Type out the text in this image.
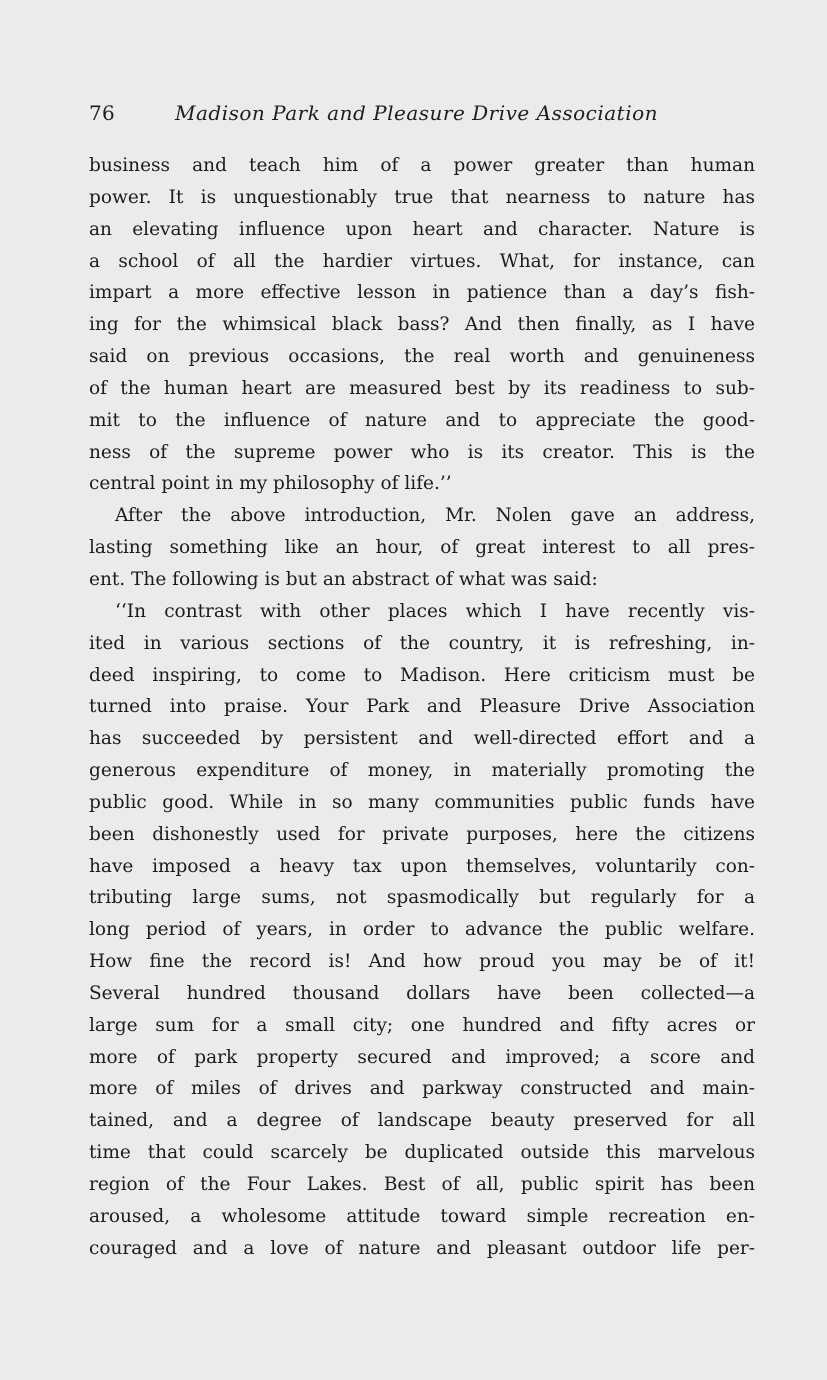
76	Madison Park and Pleasure Drive Association
business and teach him of a power greater than human
power. It is unquestionably true that nearness to nature has
an elevating influence upon heart and character. Nature is
a school of all the hardier virtues. What, for instance, can
impart a more effective lesson in patience than a day’s fish-
ing for the whimsical black bass? And then finally, as I have
said on previous occasions, the real worth and genuineness
of the human heart are measured best by its readiness to sub-
mit to the influence of nature and to appreciate the good-
ness of the supreme power who is its creator. This is the
central point in my philosophy of life.’’
After the above introduction, Mr. Nolen gave an address,
lasting something like an hour, of great interest to all pres-
ent. The following is but an abstract of what was said:
‘‘In contrast with other places which I have recently vis-
ited in various sections of the country, it is refreshing, in-
deed inspiring, to come to Madison. Here criticism must be
turned into praise. Your Park and Pleasure Drive Association
has succeeded by persistent and well-directed effort and a
generous expenditure of money, in materially promoting the
public good. While in so many communities public funds have
been dishonestly used for private purposes, here the citizens
have imposed a heavy tax upon themselves, voluntarily con-
tributing large sums, not spasmodically but regularly for a
long period of years, in order to advance the public welfare.
How fine the record is! And how proud you may be of it!
Several hundred thousand dollars have been collected—a
large sum for a small city; one hundred and fifty acres or
more of park property secured and improved; a score and
more of miles of drives and parkway constructed and main-
tained, and a degree of landscape beauty preserved for all
time that could scarcely be duplicated outside this marvelous
region of the Four Lakes. Best of all, public spirit has been
aroused, a wholesome attitude toward simple recreation en-
couraged and a love of nature and pleasant outdoor life per-
